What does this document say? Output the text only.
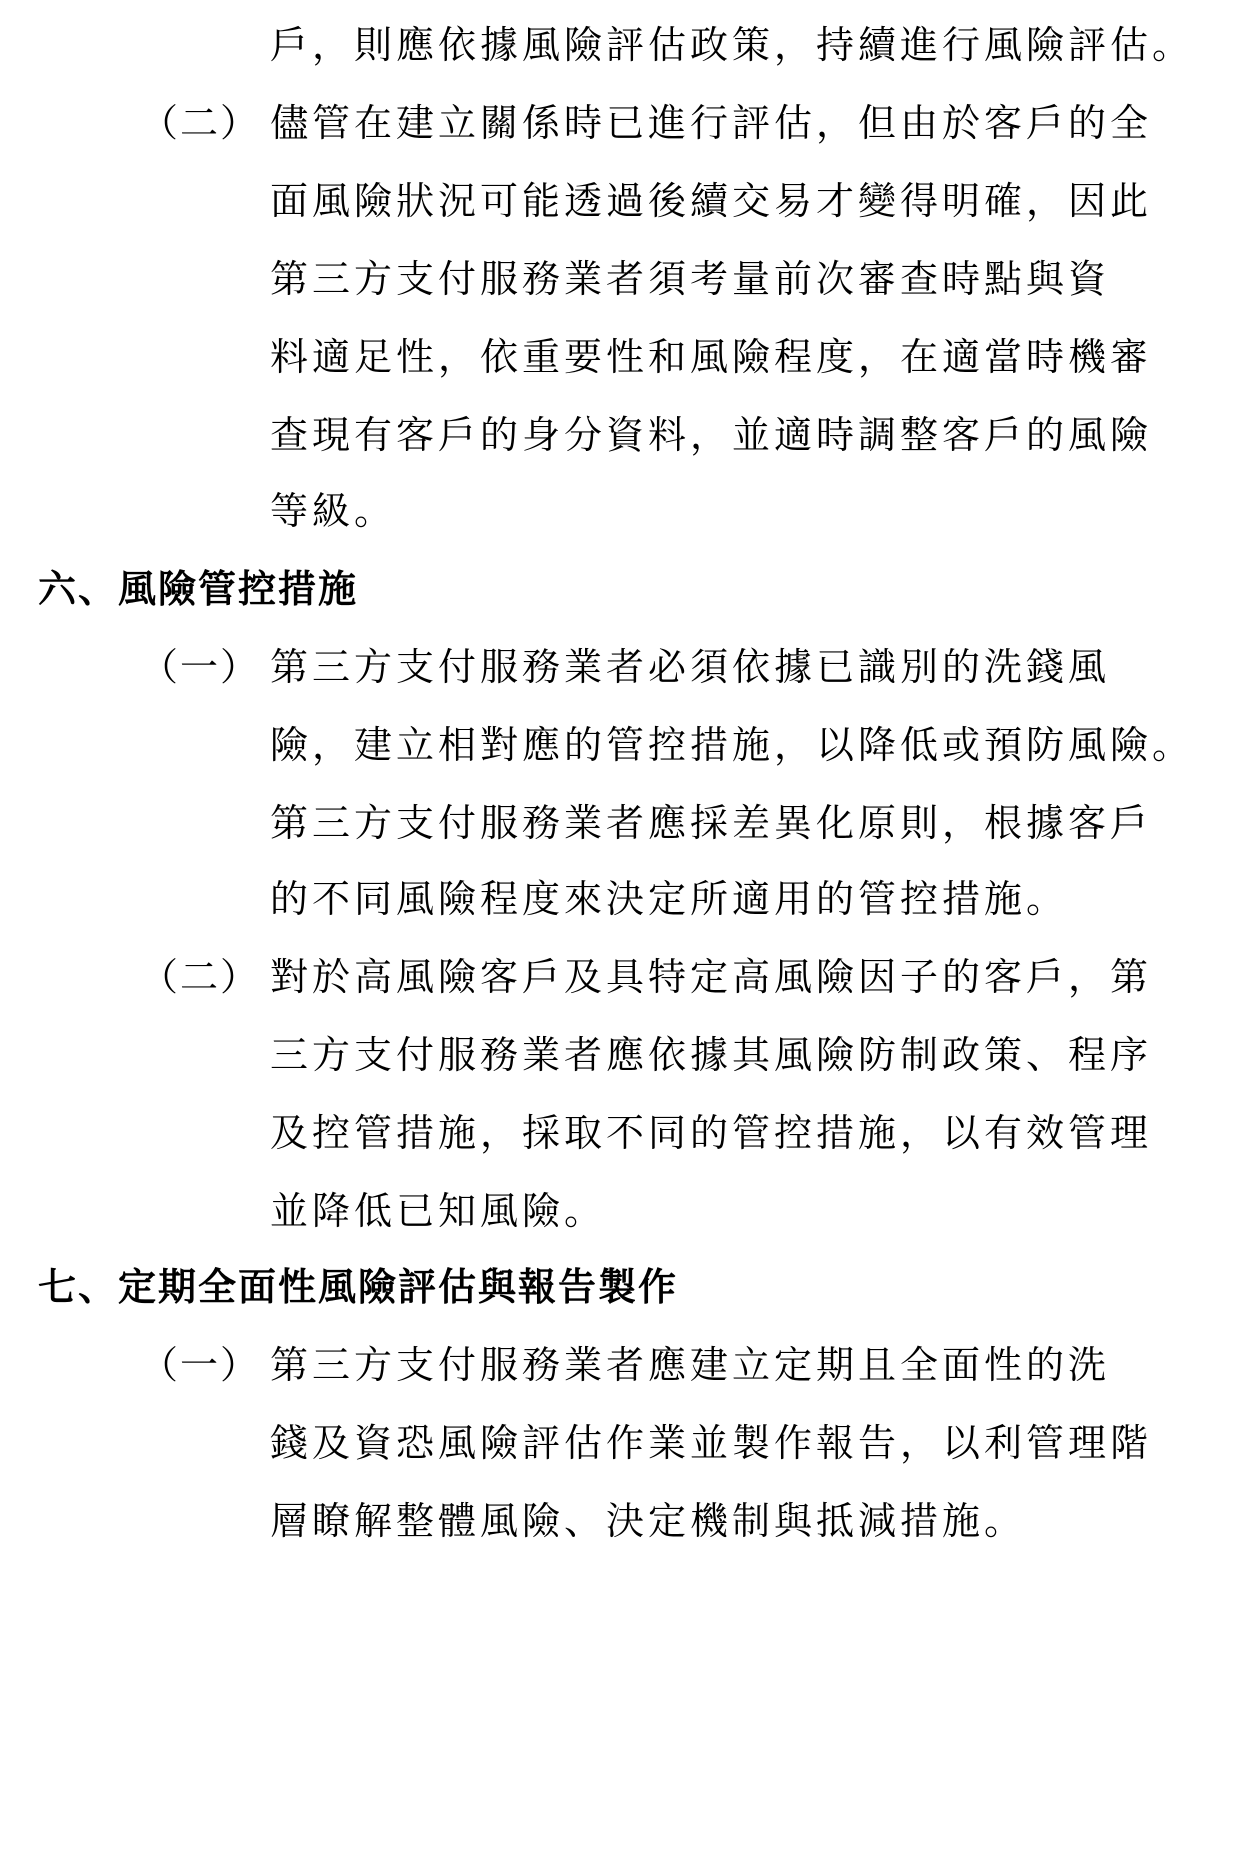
戶，則應依據風險評估政策，持續進行風險評估。
（二） 儘管在建立關係時已進行評估，但由於客戶的全
面風險狀況可能透過後續交易才變得明確，因此
第三方支付服務業者須考量前次審查時點與資
料適足性，依重要性和風險程度，在適當時機審
查現有客戶的身分資料，並適時調整客戶的風險
等級。
六、風險管控措施
（一） 第三方支付服務業者必須依據已識別的洗錢風
險，建立相對應的管控措施，以降低或預防風險。
第三方支付服務業者應採差異化原則，根據客戶
的不同風險程度來決定所適用的管控措施。
（二） 對於高風險客戶及具特定高風險因子的客戶，第
三方支付服務業者應依據其風險防制政策、程序
及控管措施，採取不同的管控措施，以有效管理
並降低已知風險。
七、定期全面性風險評估與報告製作
（一） 第三方支付服務業者應建立定期且全面性的洗
錢及資恐風險評估作業並製作報告，以利管理階
層瞭解整體風險、決定機制與抵減措施。
